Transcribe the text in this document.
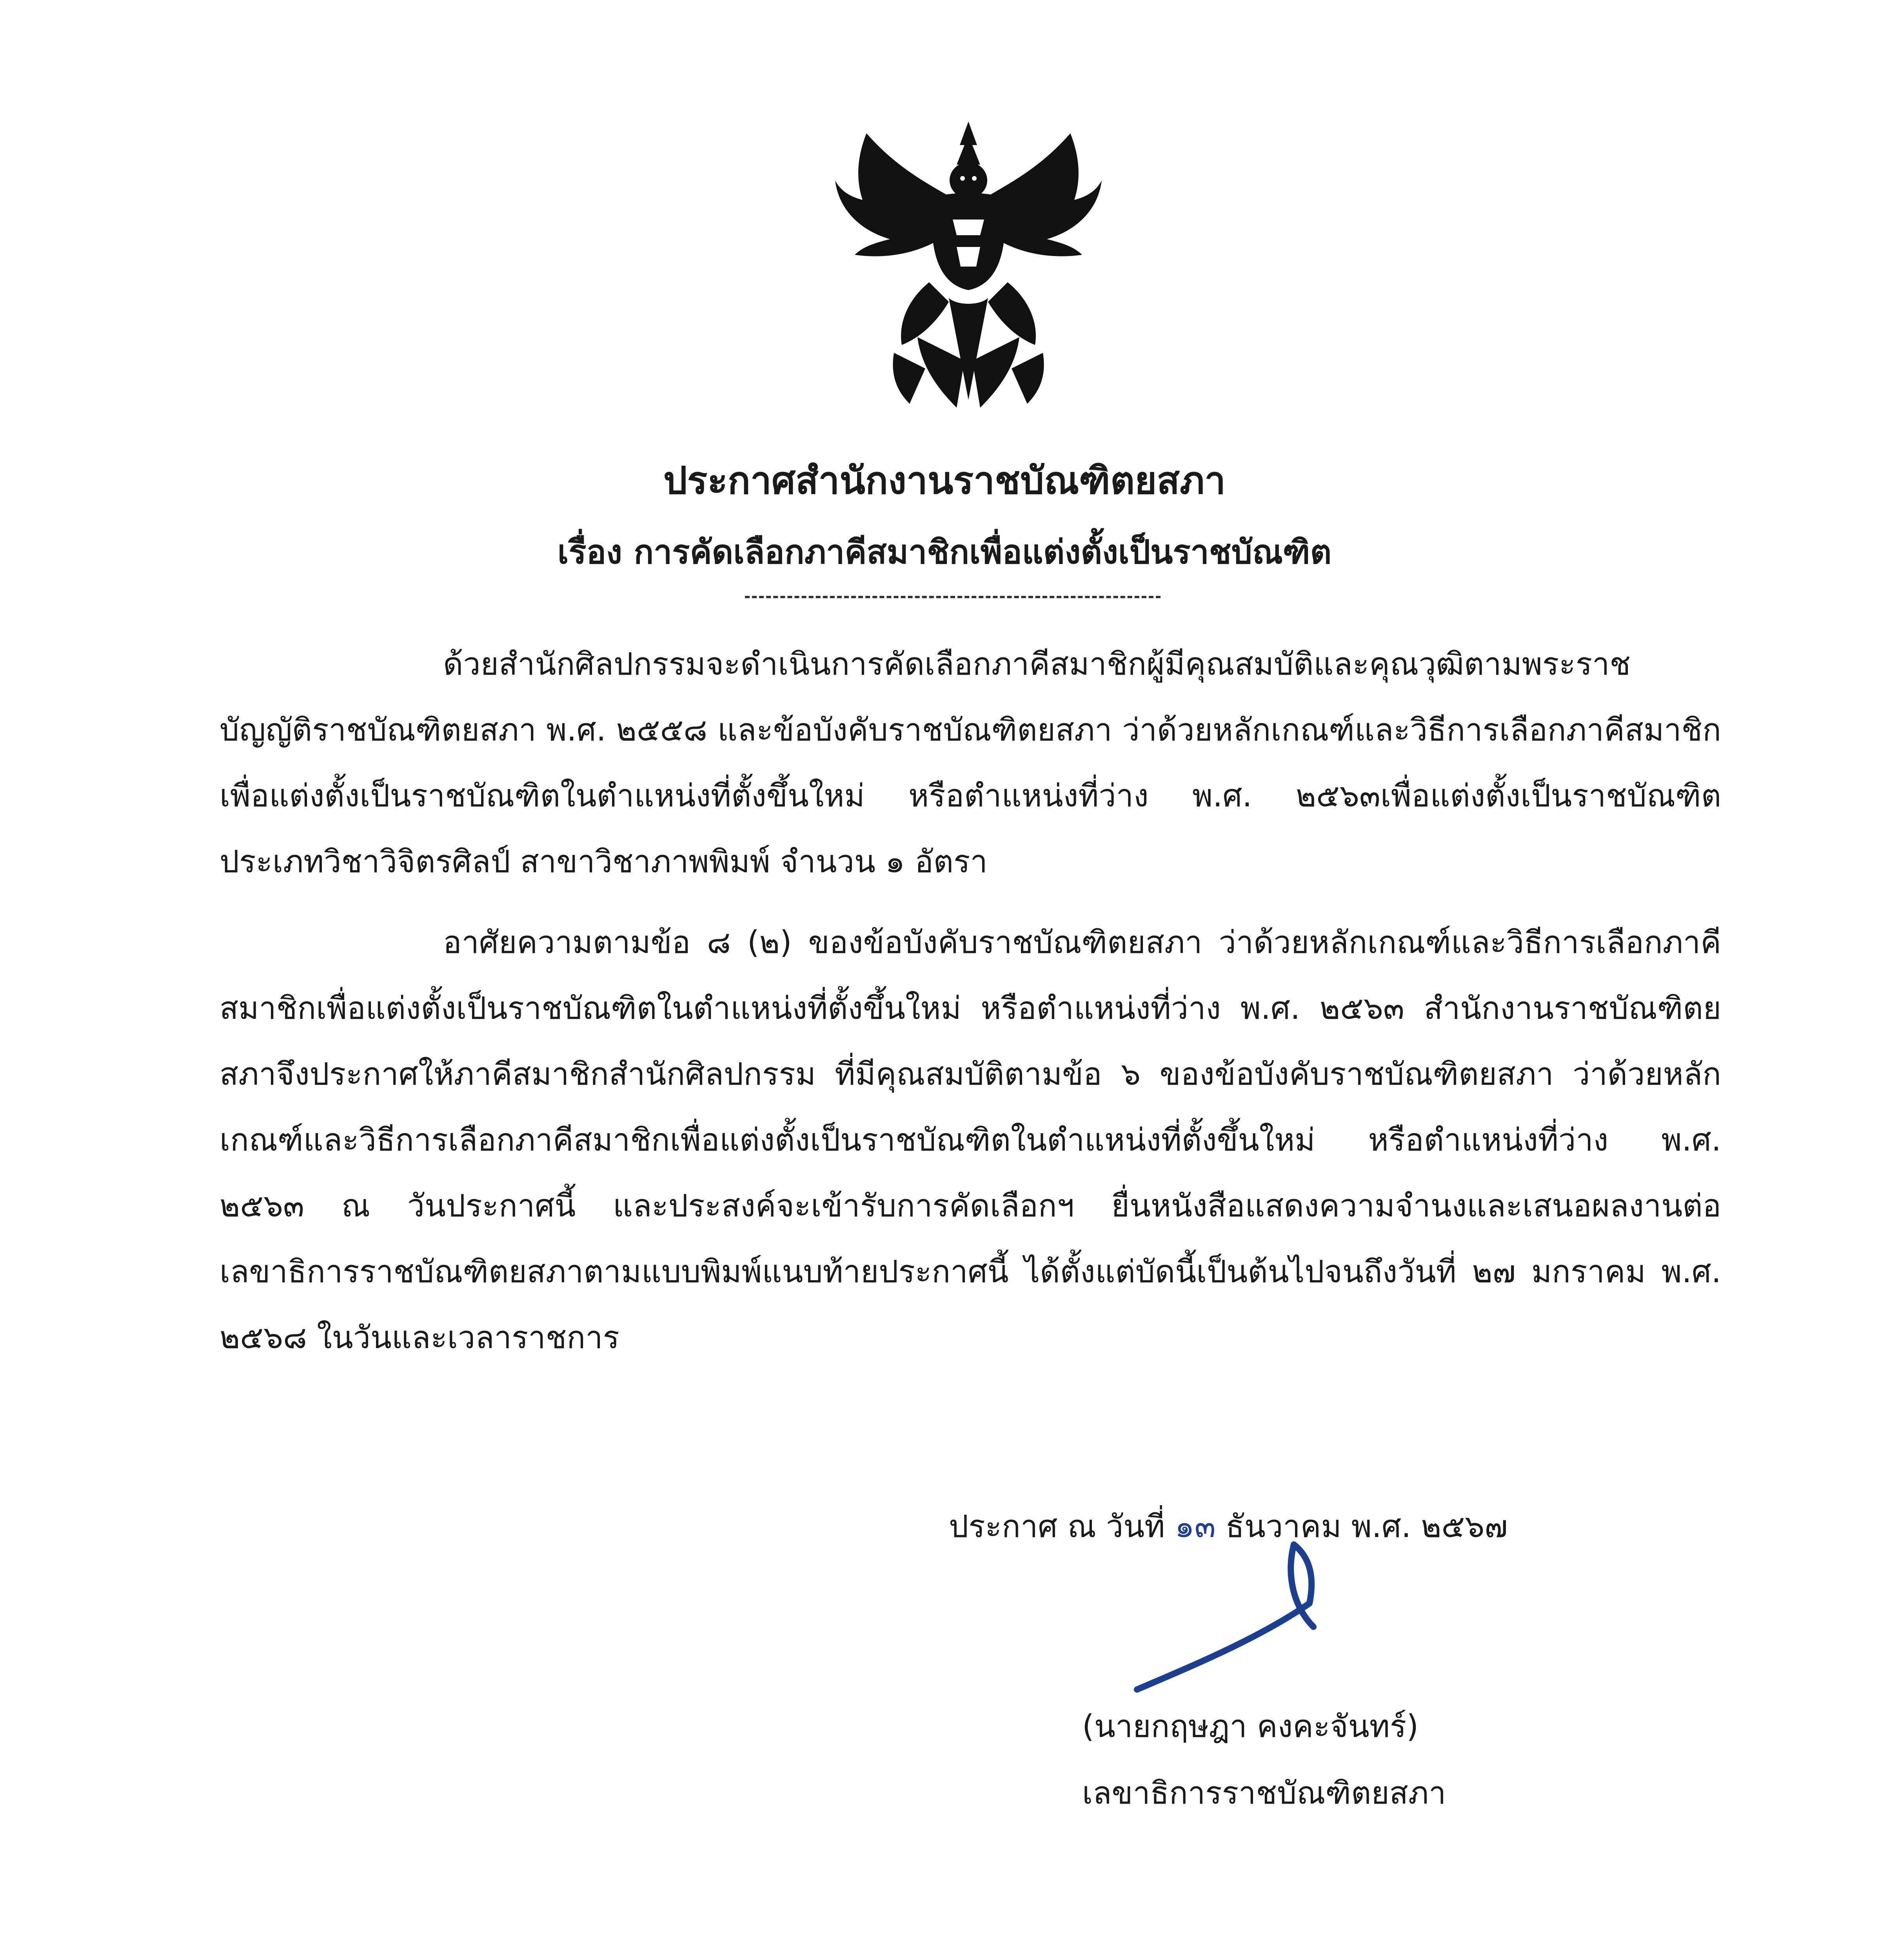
ประกาศสำนักงานราชบัณฑิตยสภา
เรื่อง การคัดเลือกภาคีสมาชิกเพื่อแต่งตั้งเป็นราชบัณฑิต

ด้วยสำนักศิลปกรรมจะดำเนินการคัดเลือกภาคีสมาชิกผู้มีคุณสมบัติและคุณวุฒิตามพระราชบัญญัติราชบัณฑิตยสภา พ.ศ. ๒๕๕๘ และข้อบังคับราชบัณฑิตยสภา ว่าด้วยหลักเกณฑ์และวิธีการเลือกภาคีสมาชิกเพื่อแต่งตั้งเป็นราชบัณฑิตในตำแหน่งที่ตั้งขึ้นใหม่ หรือตำแหน่งที่ว่าง พ.ศ. ๒๕๖๓เพื่อแต่งตั้งเป็นราชบัณฑิต ประเภทวิชาวิจิตรศิลป์ สาขาวิชาภาพพิมพ์ จำนวน ๑ อัตรา

อาศัยความตามข้อ ๘ (๒) ของข้อบังคับราชบัณฑิตยสภา ว่าด้วยหลักเกณฑ์และวิธีการเลือกภาคีสมาชิกเพื่อแต่งตั้งเป็นราชบัณฑิตในตำแหน่งที่ตั้งขึ้นใหม่ หรือตำแหน่งที่ว่าง พ.ศ. ๒๕๖๓ สำนักงานราชบัณฑิตยสภาจึงประกาศให้ภาคีสมาชิกสำนักศิลปกรรม ที่มีคุณสมบัติตามข้อ ๖ ของข้อบังคับราชบัณฑิตยสภา ว่าด้วยหลักเกณฑ์และวิธีการเลือกภาคีสมาชิกเพื่อแต่งตั้งเป็นราชบัณฑิตในตำแหน่งที่ตั้งขึ้นใหม่ หรือตำแหน่งที่ว่าง พ.ศ. ๒๕๖๓ ณ วันประกาศนี้ และประสงค์จะเข้ารับการคัดเลือกฯ ยื่นหนังสือแสดงความจำนงและเสนอผลงานต่อเลขาธิการราชบัณฑิตยสภาตามแบบพิมพ์แนบท้ายประกาศนี้ ได้ตั้งแต่บัดนี้เป็นต้นไปจนถึงวันที่ ๒๗ มกราคม พ.ศ. ๒๕๖๘ ในวันและเวลาราชการ

ประกาศ ณ วันที่ ๑๓ ธันวาคม พ.ศ. ๒๕๖๗
(นายกฤษฎา คงคะจันทร์)
เลขาธิการราชบัณฑิตยสภา
